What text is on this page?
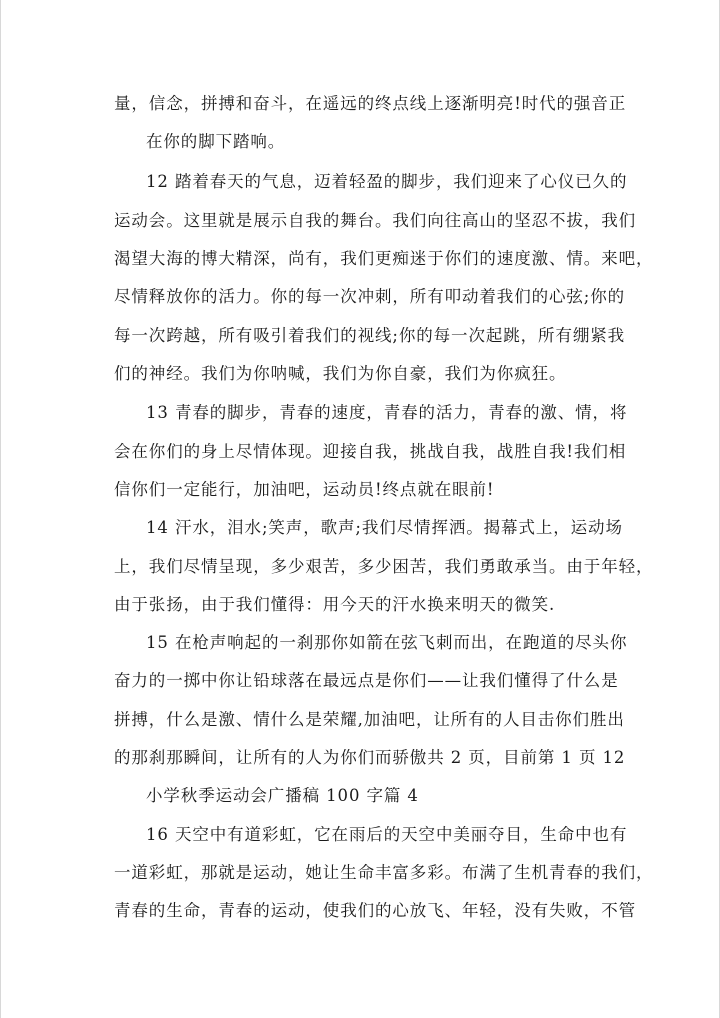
量，信念，拼搏和奋斗，在遥远的终点线上逐渐明亮!时代的强音正
在你的脚下踏响。
12 踏着春天的气息，迈着轻盈的脚步，我们迎来了心仪已久的
运动会。这里就是展示自我的舞台。我们向往高山的坚忍不拔，我们
渴望大海的博大精深，尚有，我们更痴迷于你们的速度激、情。来吧，
尽情释放你的活力。你的每一次冲刺，所有叩动着我们的心弦;你的
每一次跨越，所有吸引着我们的视线;你的每一次起跳，所有绷紧我
们的神经。我们为你呐喊，我们为你自豪，我们为你疯狂。
13 青春的脚步，青春的速度，青春的活力，青春的激、情，将
会在你们的身上尽情体现。迎接自我，挑战自我，战胜自我!我们相
信你们一定能行，加油吧，运动员!终点就在眼前!
14 汗水，泪水;笑声，歌声;我们尽情挥洒。揭幕式上，运动场
上，我们尽情呈现，多少艰苦，多少困苦，我们勇敢承当。由于年轻，
由于张扬，由于我们懂得：用今天的汗水换来明天的微笑.
15 在枪声响起的一刹那你如箭在弦飞刺而出，在跑道的尽头你
奋力的一掷中你让铅球落在最远点是你们——让我们懂得了什么是
拼搏，什么是激、情什么是荣耀,加油吧，让所有的人目击你们胜出
的那刹那瞬间，让所有的人为你们而骄傲共 2 页，目前第 1 页 12
小学秋季运动会广播稿 100 字篇 4
16 天空中有道彩虹，它在雨后的天空中美丽夺目，生命中也有
一道彩虹，那就是运动，她让生命丰富多彩。布满了生机青春的我们，
青春的生命，青春的运动，使我们的心放飞、年轻，没有失败，不管
